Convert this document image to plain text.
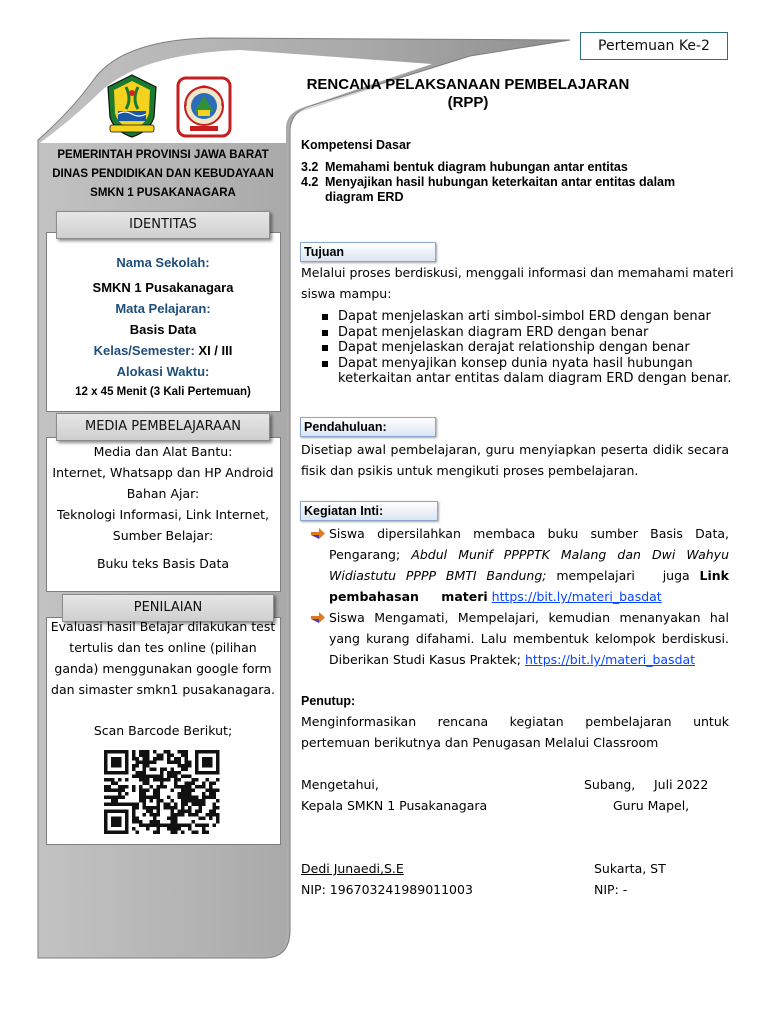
Pertemuan Ke-2
RENCANA PELAKSANAAN PEMBELAJARAN
(RPP)
PEMERINTAH PROVINSI JAWA BARAT
DINAS PENDIDIKAN DAN KEBUDAYAAN
SMKN 1 PUSAKANAGARA
IDENTITAS
Nama Sekolah:
SMKN 1 Pusakanagara
Mata Pelajaran:
Basis Data
Kelas/Semester: XI / III
Alokasi Waktu:
12 x 45 Menit (3 Kali Pertemuan)
MEDIA PEMBELAJARAAN
Media dan Alat Bantu:
Internet, Whatsapp dan HP Android
Bahan Ajar:
Teknologi Informasi, Link Internet,
Sumber Belajar:
Buku teks Basis Data
PENILAIAN
Evaluasi hasil Belajar dilakukan test tertulis dan tes online (pilihan ganda) menggunakan google form dan simaster smkn1 pusakanagara.
Scan Barcode Berikut;
Kompetensi Dasar
3.2 Memahami bentuk diagram hubungan antar entitas
4.2 Menyajikan hasil hubungan keterkaitan antar entitas dalam diagram ERD
Tujuan
Melalui proses berdiskusi, menggali informasi dan memahami materi siswa mampu:
Dapat menjelaskan arti simbol-simbol ERD dengan benar
Dapat menjelaskan diagram ERD dengan benar
Dapat menjelaskan derajat relationship dengan benar
Dapat menyajikan konsep dunia nyata hasil hubungan keterkaitan antar entitas dalam diagram ERD dengan benar.
Pendahuluan:
Disetiap awal pembelajaran, guru menyiapkan peserta didik secara fisik dan psikis untuk mengikuti proses pembelajaran.
Kegiatan Inti:
Siswa dipersilahkan membaca buku sumber Basis Data, Pengarang; Abdul Munif PPPPTK Malang dan Dwi Wahyu Widiastutu PPPP BMTI Bandung; mempelajari juga Link pembahasan materi https://bit.ly/materi_basdat
Siswa Mengamati, Mempelajari, kemudian menanyakan hal yang kurang difahami. Lalu membentuk kelompok berdiskusi. Diberikan Studi Kasus Praktek; https://bit.ly/materi_basdat
Penutup:
Menginformasikan rencana kegiatan pembelajaran untuk pertemuan berikutnya dan Penugasan Melalui Classroom
Mengetahui,
Kepala SMKN 1 Pusakanagara
Dedi Junaedi,S.E
NIP: 196703241989011003
Subang, Juli 2022
Guru Mapel,
Sukarta, ST
NIP: -
